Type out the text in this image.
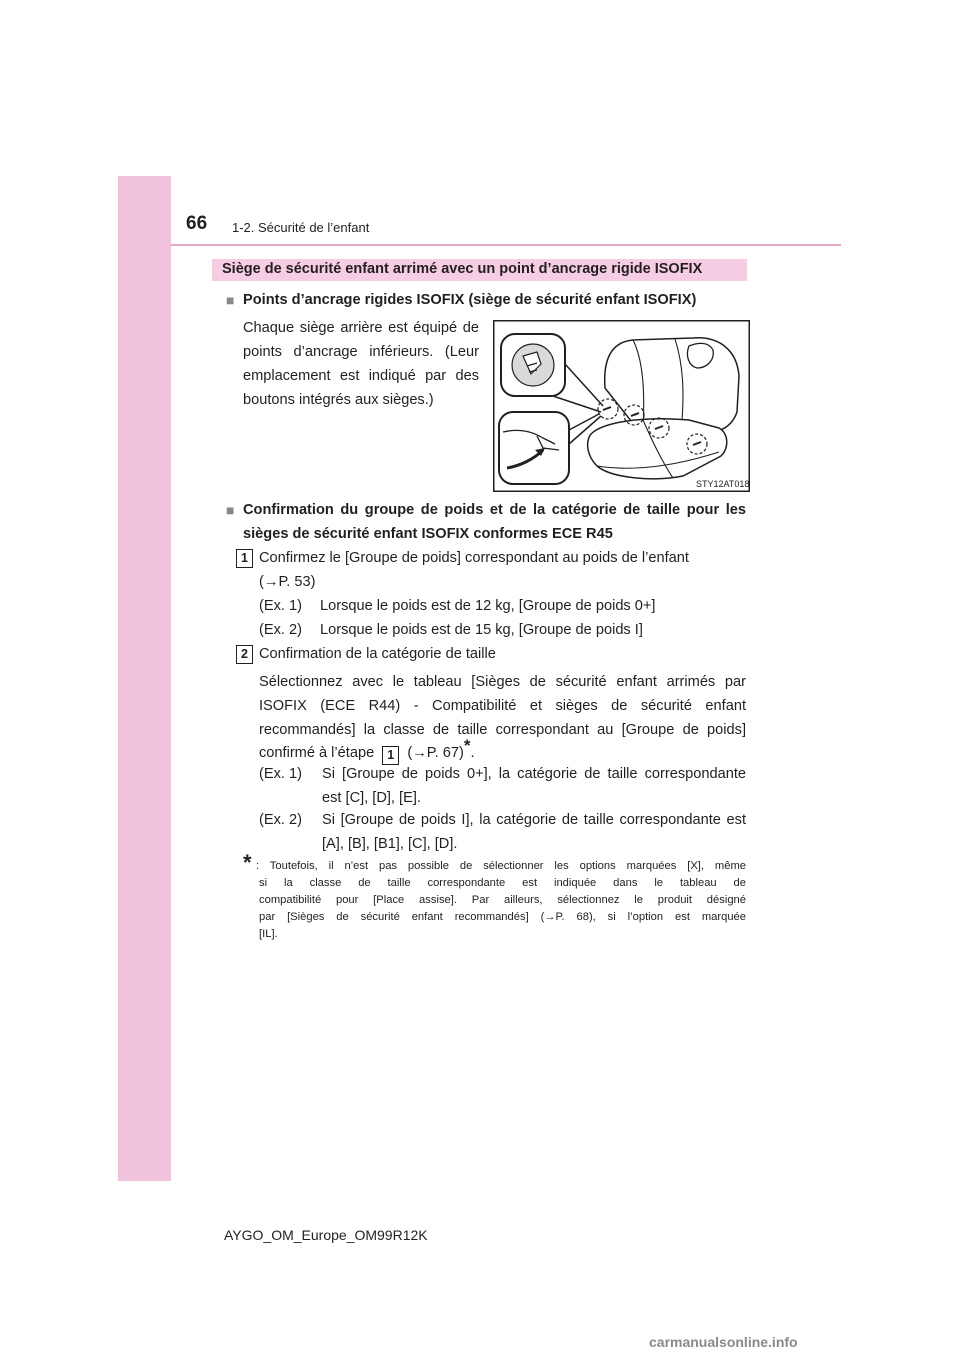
66 1-2. Sécurité de l’enfant
Siège de sécurité enfant arrimé avec un point d’ancrage rigide ISOFIX
■ Points d’ancrage rigides ISOFIX (siège de sécurité enfant ISOFIX)
Chaque siège arrière est équipé de
points d’ancrage inférieurs. (Leur
emplacement est indiqué par des
boutons intégrés aux sièges.)
STY12AT018
■ Confirmation du groupe de poids et de la catégorie de taille pour les
sièges de sécurité enfant ISOFIX conformes ECE R45
1 Confirmez le [Groupe de poids] correspondant au poids de l’enfant
(→P. 53)
(Ex. 1) Lorsque le poids est de 12 kg, [Groupe de poids 0+]
(Ex. 2) Lorsque le poids est de 15 kg, [Groupe de poids I]
2 Confirmation de la catégorie de taille
Sélectionnez avec le tableau [Sièges de sécurité enfant arrimés par
ISOFIX (ECE R44) - Compatibilité et sièges de sécurité enfant
recommandés] la classe de taille correspondant au [Groupe de poids]
confirmé à l’étape 1 (→P. 67)*.
(Ex. 1) Si [Groupe de poids 0+], la catégorie de taille correspondante
est [C], [D], [E].
(Ex. 2) Si [Groupe de poids I], la catégorie de taille correspondante est
[A], [B], [B1], [C], [D].
* : Toutefois, il n’est pas possible de sélectionner les options marquées [X], même
si la classe de taille correspondante est indiquée dans le tableau de
compatibilité pour [Place assise]. Par ailleurs, sélectionnez le produit désigné
par [Sièges de sécurité enfant recommandés] (→P. 68), si l’option est marquée
[IL].
AYGO_OM_Europe_OM99R12K
carmanualsonline.info
